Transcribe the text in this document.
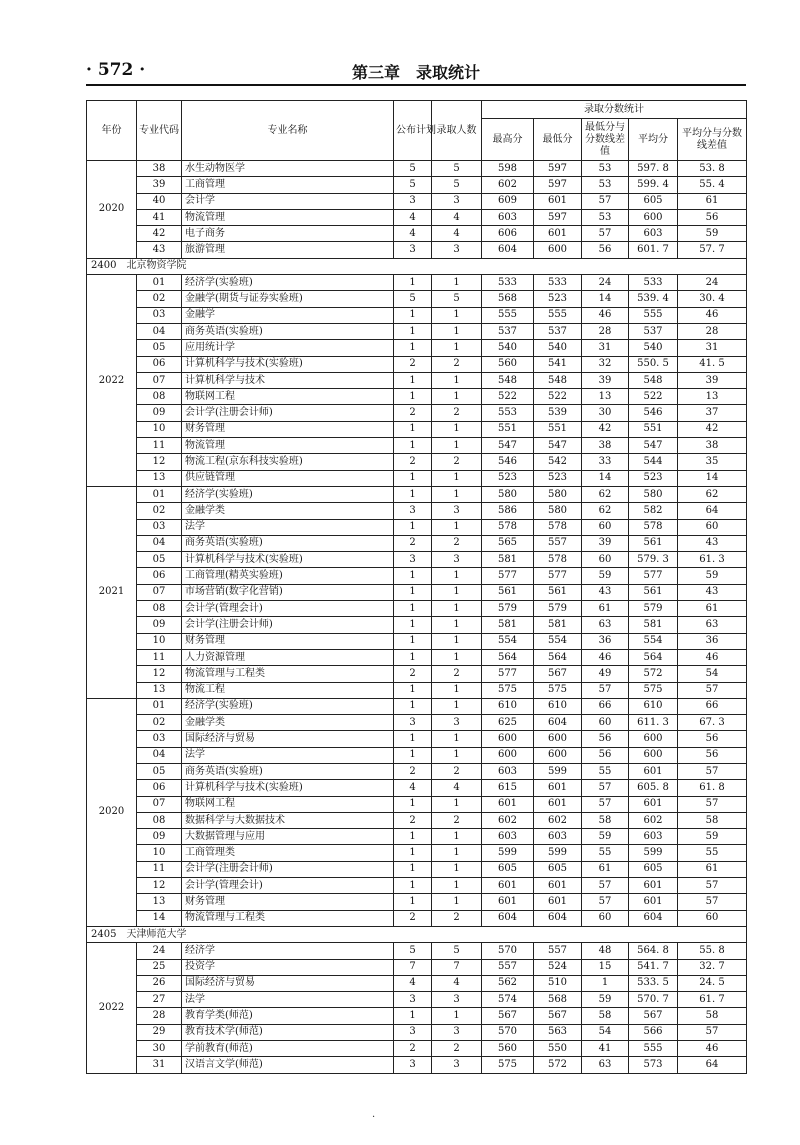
· 572 ·	第三章　录取统计
年份	专业代码	专业名称	公布计划	录取人数	录取分数统计				
					最高分	最低分	最低分与分数线差值	平均分	平均分与分数线差值
2020	38	水生动物医学	5	5	598	597	53	597. 8	53. 8
	39	工商管理	5	5	602	597	53	599. 4	55. 4
	40	会计学	3	3	609	601	57	605	61
	41	物流管理	4	4	603	597	53	600	56
	42	电子商务	4	4	606	601	57	603	59
	43	旅游管理	3	3	604	600	56	601. 7	57. 7
2400　北京物资学院									
2022	01	经济学(实验班)	1	1	533	533	24	533	24
	02	金融学(期货与证券实验班)	5	5	568	523	14	539. 4	30. 4
	03	金融学	1	1	555	555	46	555	46
	04	商务英语(实验班)	1	1	537	537	28	537	28
	05	应用统计学	1	1	540	540	31	540	31
	06	计算机科学与技术(实验班)	2	2	560	541	32	550. 5	41. 5
	07	计算机科学与技术	1	1	548	548	39	548	39
	08	物联网工程	1	1	522	522	13	522	13
	09	会计学(注册会计师)	2	2	553	539	30	546	37
	10	财务管理	1	1	551	551	42	551	42
	11	物流管理	1	1	547	547	38	547	38
	12	物流工程(京东科技实验班)	2	2	546	542	33	544	35
	13	供应链管理	1	1	523	523	14	523	14
2021	01	经济学(实验班)	1	1	580	580	62	580	62
	02	金融学类	3	3	586	580	62	582	64
	03	法学	1	1	578	578	60	578	60
	04	商务英语(实验班)	2	2	565	557	39	561	43
	05	计算机科学与技术(实验班)	3	3	581	578	60	579. 3	61. 3
	06	工商管理(精英实验班)	1	1	577	577	59	577	59
	07	市场营销(数字化营销)	1	1	561	561	43	561	43
	08	会计学(管理会计)	1	1	579	579	61	579	61
	09	会计学(注册会计师)	1	1	581	581	63	581	63
	10	财务管理	1	1	554	554	36	554	36
	11	人力资源管理	1	1	564	564	46	564	46
	12	物流管理与工程类	2	2	577	567	49	572	54
	13	物流工程	1	1	575	575	57	575	57
2020	01	经济学(实验班)	1	1	610	610	66	610	66
	02	金融学类	3	3	625	604	60	611. 3	67. 3
	03	国际经济与贸易	1	1	600	600	56	600	56
	04	法学	1	1	600	600	56	600	56
	05	商务英语(实验班)	2	2	603	599	55	601	57
	06	计算机科学与技术(实验班)	4	4	615	601	57	605. 8	61. 8
	07	物联网工程	1	1	601	601	57	601	57
	08	数据科学与大数据技术	2	2	602	602	58	602	58
	09	大数据管理与应用	1	1	603	603	59	603	59
	10	工商管理类	1	1	599	599	55	599	55
	11	会计学(注册会计师)	1	1	605	605	61	605	61
	12	会计学(管理会计)	1	1	601	601	57	601	57
	13	财务管理	1	1	601	601	57	601	57
	14	物流管理与工程类	2	2	604	604	60	604	60
2405　天津师范大学									
2022	24	经济学	5	5	570	557	48	564. 8	55. 8
	25	投资学	7	7	557	524	15	541. 7	32. 7
	26	国际经济与贸易	4	4	562	510	1	533. 5	24. 5
	27	法学	3	3	574	568	59	570. 7	61. 7
	28	教育学类(师范)	1	1	567	567	58	567	58
	29	教育技术学(师范)	3	3	570	563	54	566	57
	30	学前教育(师范)	2	2	560	550	41	555	46
	31	汉语言文学(师范)	3	3	575	572	63	573	64
·
